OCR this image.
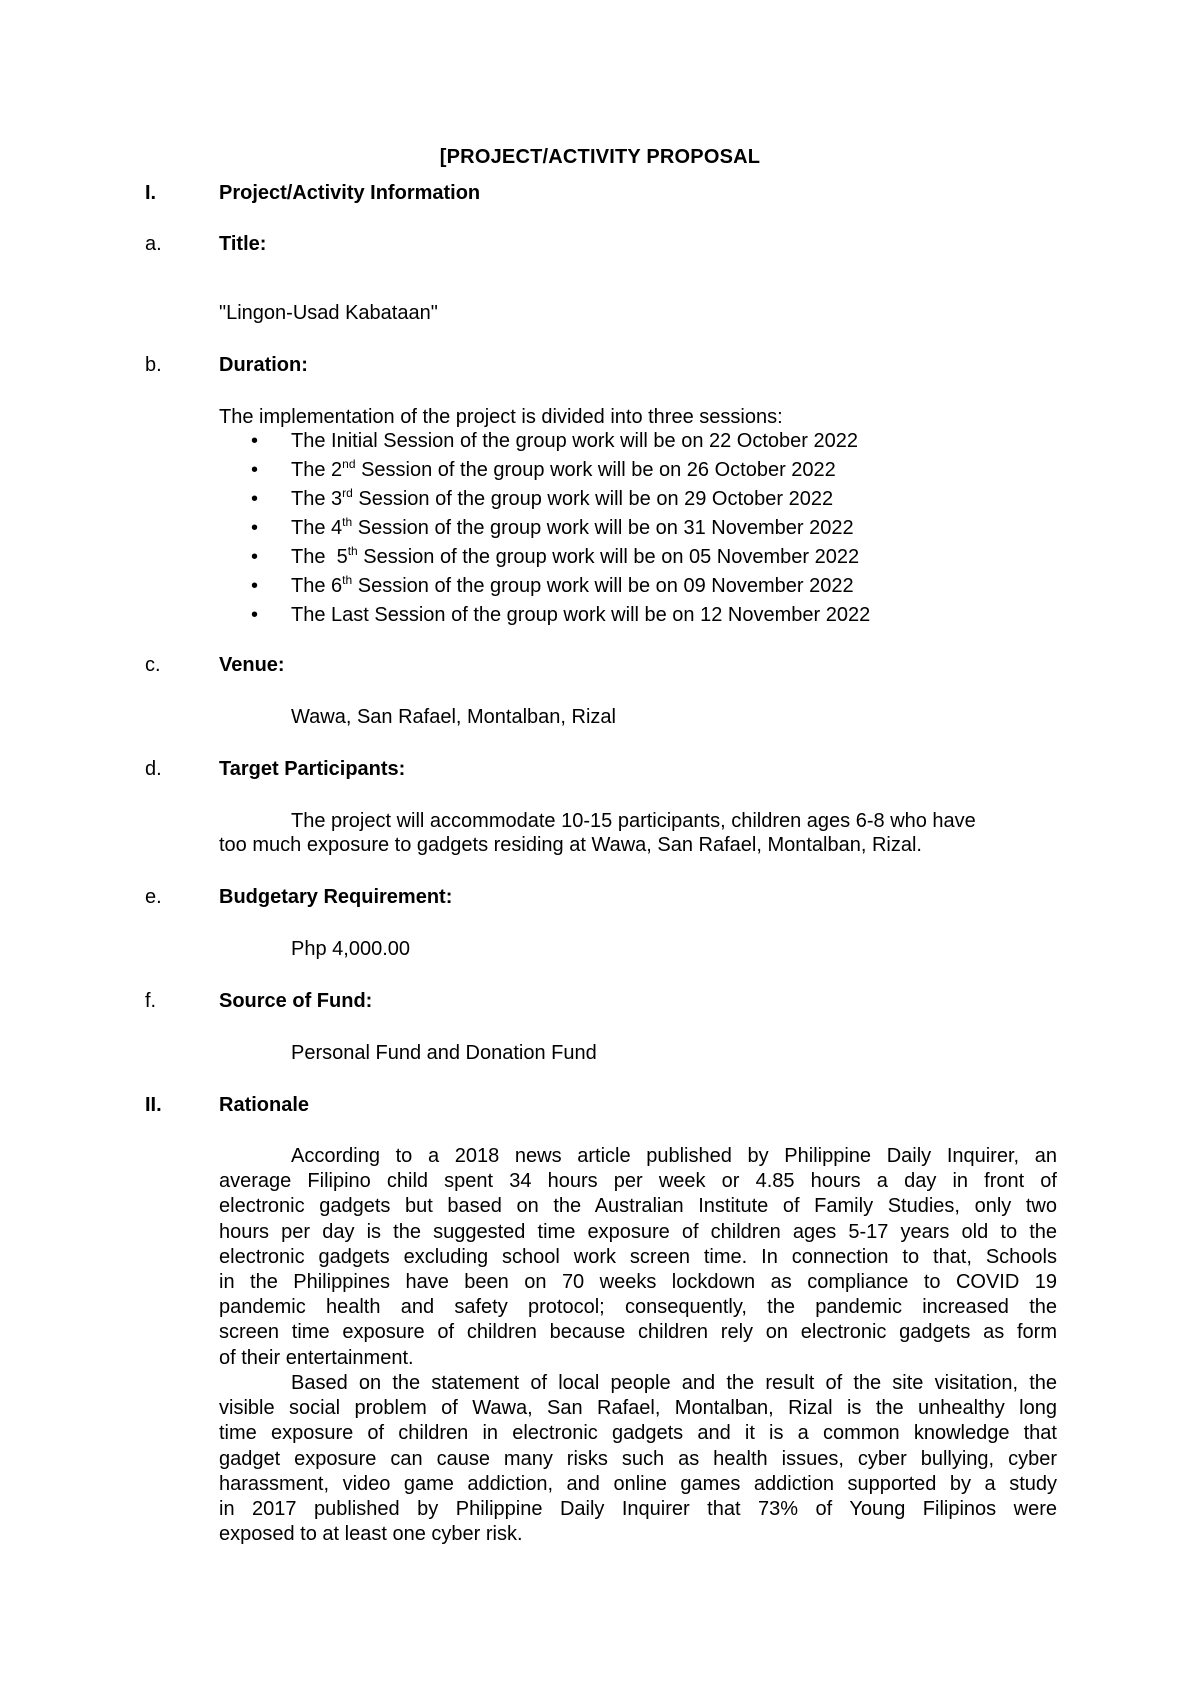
[PROJECT/ACTIVITY PROPOSAL
I.	Project/Activity Information
a.	Title:
"Lingon-Usad Kabataan"
b.	Duration:
The implementation of the project is divided into three sessions:
• The Initial Session of the group work will be on 22 October 2022
• The 2nd Session of the group work will be on 26 October 2022
• The 3rd Session of the group work will be on 29 October 2022
• The 4th Session of the group work will be on 31 November 2022
• The  5th Session of the group work will be on 05 November 2022
• The 6th Session of the group work will be on 09 November 2022
• The Last Session of the group work will be on 12 November 2022
c.	Venue:
Wawa, San Rafael, Montalban, Rizal
d.	Target Participants:
The project will accommodate 10-15 participants, children ages 6-8 who have
too much exposure to gadgets residing at Wawa, San Rafael, Montalban, Rizal.
e.	Budgetary Requirement:
Php 4,000.00
f.	Source of Fund:
Personal Fund and Donation Fund
II.	Rationale
According to a 2018 news article published by Philippine Daily Inquirer, an
average Filipino child spent 34 hours per week or 4.85 hours a day in front of
electronic gadgets but based on the Australian Institute of Family Studies, only two
hours per day is the suggested time exposure of children ages 5-17 years old to the
electronic gadgets excluding school work screen time. In connection to that, Schools
in the Philippines have been on 70 weeks lockdown as compliance to COVID 19
pandemic health and safety protocol; consequently, the pandemic increased the
screen time exposure of children because children rely on electronic gadgets as form
of their entertainment.
Based on the statement of local people and the result of the site visitation, the
visible social problem of Wawa, San Rafael, Montalban, Rizal is the unhealthy long
time exposure of children in electronic gadgets and it is a common knowledge that
gadget exposure can cause many risks such as health issues, cyber bullying, cyber
harassment, video game addiction, and online games addiction supported by a study
in 2017 published by Philippine Daily Inquirer that 73% of Young Filipinos were
exposed to at least one cyber risk.
